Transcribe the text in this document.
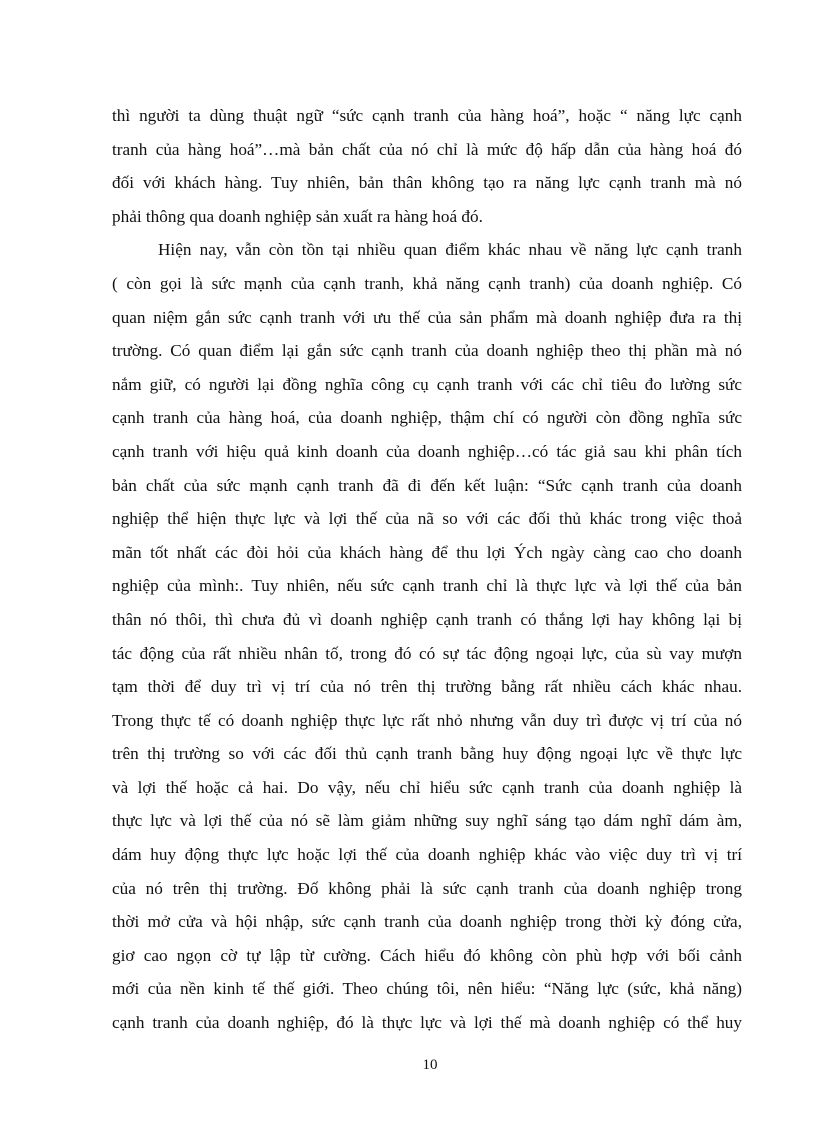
thì người ta dùng thuật ngữ “sức cạnh tranh của hàng hoá”, hoặc “ năng lực cạnh
tranh của hàng hoá”…mà bản chất của nó chỉ là mức độ hấp dẫn của hàng hoá đó
đối với khách hàng. Tuy nhiên, bản thân không tạo ra năng lực cạnh tranh mà nó
phải thông qua doanh nghiệp sản xuất ra hàng hoá đó.
Hiện nay, vẫn còn tồn tại nhiều quan điểm khác nhau về năng lực cạnh tranh
( còn gọi là sức mạnh của cạnh tranh, khả năng cạnh tranh) của doanh nghiệp. Có
quan niệm gắn sức cạnh tranh với ưu thế của sản phẩm mà doanh nghiệp đưa ra thị
trường. Có quan điểm lại gắn sức cạnh tranh của doanh nghiệp theo thị phần mà nó
nắm giữ, có người lại đồng nghĩa công cụ cạnh tranh với các chỉ tiêu đo lường sức
cạnh tranh của hàng hoá, của doanh nghiệp, thậm chí có người còn đồng nghĩa sức
cạnh tranh với hiệu quả kinh doanh của doanh nghiệp…có tác giả sau khi phân tích
bản chất của sức mạnh cạnh tranh đã đi đến kết luận: “Sức cạnh tranh của doanh
nghiệp thể hiện thực lực và lợi thế của nã so với các đối thủ khác trong việc thoả
mãn tốt nhất các đòi hỏi của khách hàng để thu lợi Ých ngày càng cao cho doanh
nghiệp của mình:. Tuy nhiên, nếu sức cạnh tranh chỉ là thực lực và lợi thế của bản
thân nó thôi, thì chưa đủ vì doanh nghiệp cạnh tranh có thắng lợi hay không lại bị
tác động của rất nhiều nhân tố, trong đó có sự tác động ngoại lực, của sù vay mượn
tạm thời để duy trì vị trí của nó trên thị trường bằng rất nhiều cách khác nhau.
Trong thực tế có doanh nghiệp thực lực rất nhỏ nhưng vẫn duy trì được vị trí của nó
trên thị trường so với các đối thủ cạnh tranh bằng huy động ngoại lực về thực lực
và lợi thế hoặc cả hai. Do vậy, nếu chỉ hiểu sức cạnh tranh của doanh nghiệp là
thực lực và lợi thế của nó sẽ làm giảm những suy nghĩ sáng tạo dám nghĩ dám àm,
dám huy động thực lực hoặc lợi thế của doanh nghiệp khác vào việc duy trì vị trí
của nó trên thị trường. Đố không phải là sức cạnh tranh của doanh nghiệp trong
thời mở cửa và hội nhập, sức cạnh tranh của doanh nghiệp trong thời kỳ đóng cửa,
giơ cao ngọn cờ tự lập từ cường. Cách hiểu đó không còn phù hợp với bối cảnh
mới của nền kinh tế thế giới. Theo chúng tôi, nên hiểu: “Năng lực (sức, khả năng)
cạnh tranh của doanh nghiệp, đó là thực lực và lợi thế mà doanh nghiệp có thể huy
10
